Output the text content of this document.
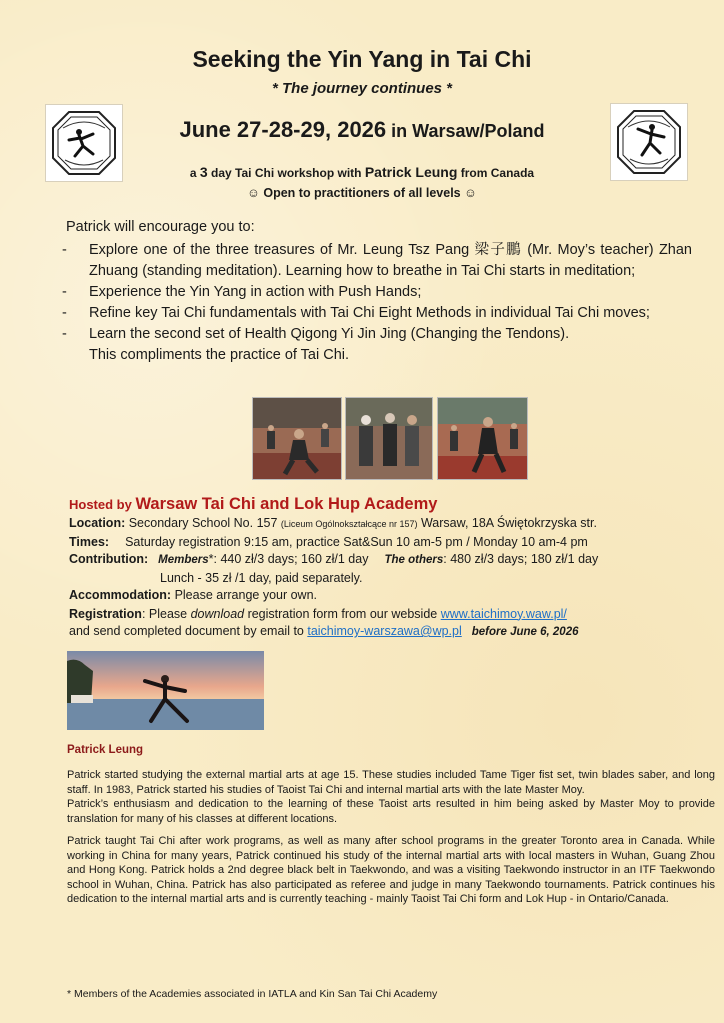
Seeking the Yin Yang in Tai Chi
* The journey continues *
June 27-28-29, 2026 in Warsaw/Poland
a 3 day Tai Chi workshop with Patrick Leung from Canada
☺ Open to practitioners of all levels ☺
Patrick will encourage you to:
- Explore one of the three treasures of Mr. Leung Tsz Pang 梁子鵬 (Mr. Moy’s teacher) Zhan Zhuang (standing meditation). Learning how to breathe in Tai Chi starts in meditation;
- Experience the Yin Yang in action with Push Hands;
- Refine key Tai Chi fundamentals with Tai Chi Eight Methods in individual Tai Chi moves;
- Learn the second set of Health Qigong Yi Jin Jing (Changing the Tendons).
This compliments the practice of Tai Chi.
Hosted by Warsaw Tai Chi and Lok Hup Academy
Location: Secondary School No. 157 (Liceum Ogólnokształcące nr 157) Warsaw, 18A Świętokrzyska str.
Times: Saturday registration 9:15 am, practice Sat&Sun 10 am-5 pm / Monday 10 am-4 pm
Contribution: Members*: 440 zł/3 days; 160 zł/1 day The others: 480 zł/3 days; 180 zł/1 day
Lunch - 35 zł /1 day, paid separately.
Accommodation: Please arrange your own.
Registration: Please download registration form from our webside www.taichimoy.waw.pl/
and send completed document by email to taichimoy-warszawa@wp.pl before June 6, 2026
Patrick Leung

Patrick started studying the external martial arts at age 15. These studies included Tame Tiger fist set, twin blades saber, and long staff. In 1983, Patrick started his studies of Taoist Tai Chi and internal martial arts with the late Master Moy.

Patrick’s enthusiasm and dedication to the learning of these Taoist arts resulted in him being asked by Master Moy to provide translation for many of his classes at different locations.

Patrick taught Tai Chi after work programs, as well as many after school programs in the greater Toronto area in Canada. While working in China for many years, Patrick continued his study of the internal martial arts with local masters in Wuhan, Guang Zhou and Hong Kong. Patrick holds a 2nd degree black belt in Taekwondo, and was a visiting Taekwondo instructor in an ITF Taekwondo school in Wuhan, China. Patrick has also participated as referee and judge in many Taekwondo tournaments. Patrick continues his dedication to the internal martial arts and is currently teaching - mainly Taoist Tai Chi form and Lok Hup - in Ontario/Canada.

* Members of the Academies associated in IATLA and Kin San Tai Chi Academy
